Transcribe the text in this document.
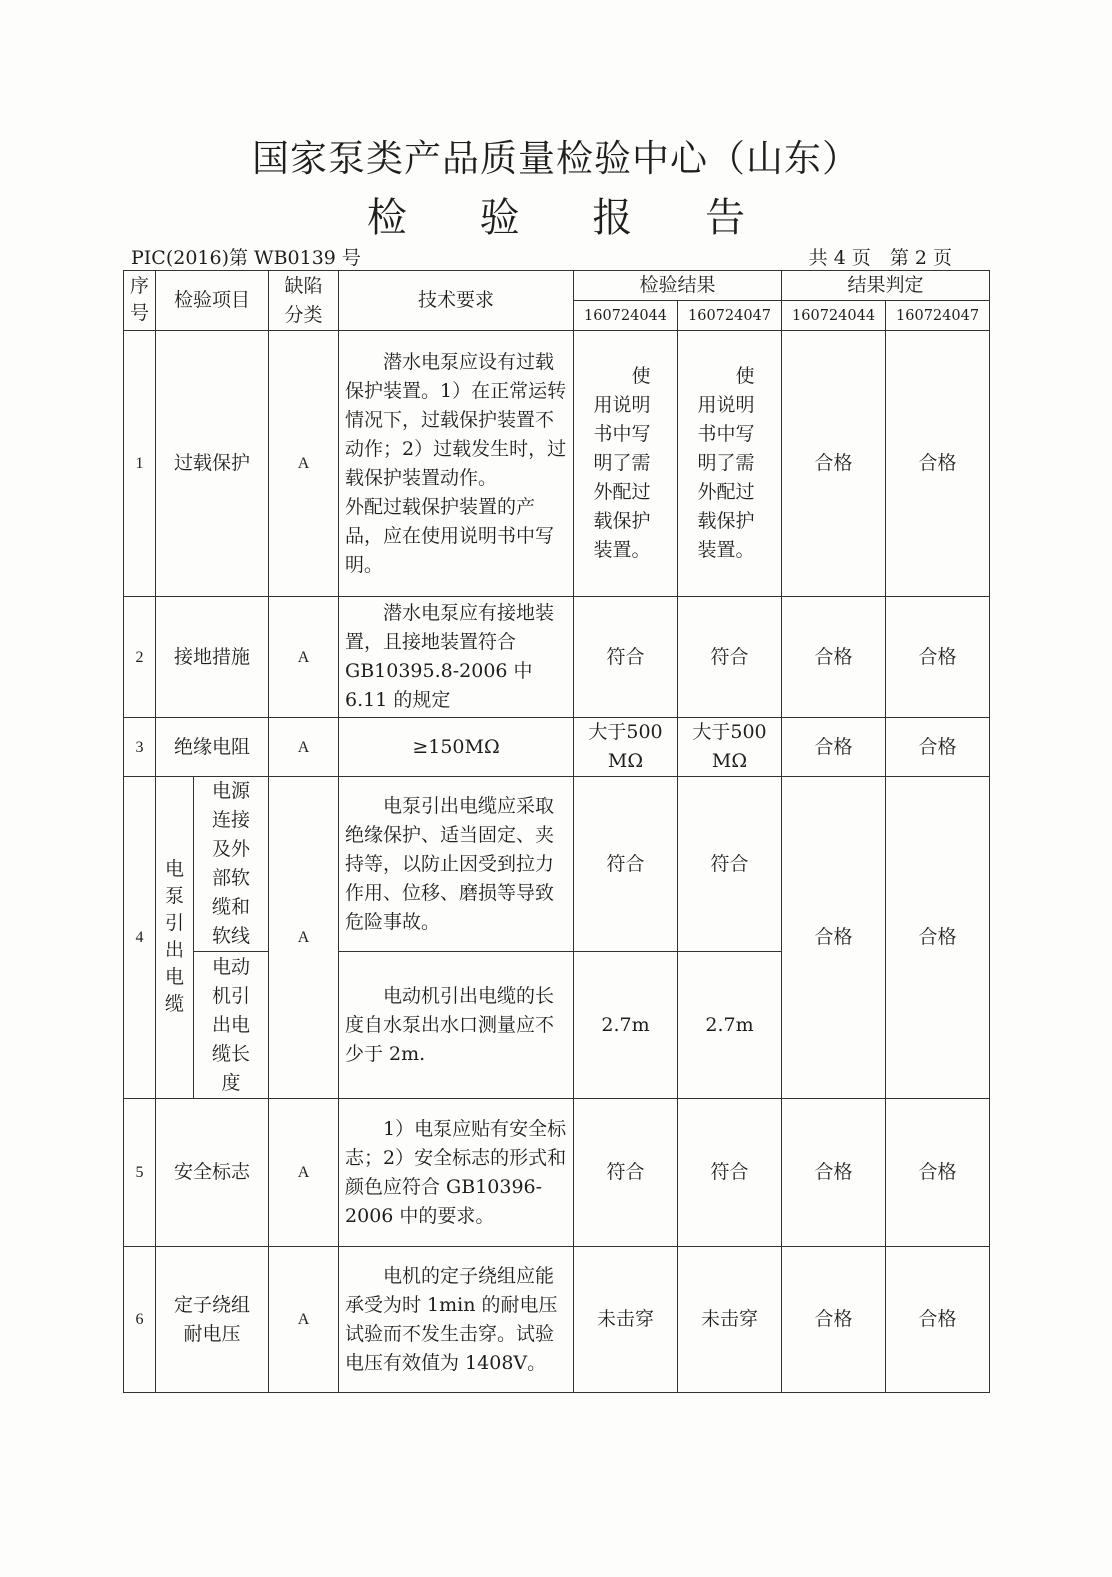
国家泵类产品质量检验中心（山东）
检 验 报 告
PIC(2016)第 WB0139 号	共 4 页　第 2 页
序号	检验项目		缺陷分类	技术要求	检验结果		结果判定	
					160724044	160724047	160724044	160724047
1	过载保护		A	　　潜水电泵应设有过载保护装置。1）在正常运转情况下，过载保护装置不动作；2）过载发生时，过载保护装置动作。
外配过载保护装置的产品，应在使用说明书中写明。	　　使用说明书中写明了需外配过载保护装置。	　　使用说明书中写明了需外配过载保护装置。	合格	合格
2	接地措施		A	　　潜水电泵应有接地装置，且接地装置符合 GB10395.8-2006 中 6.11 的规定	符合	符合	合格	合格
3	绝缘电阻		A	≥150MΩ	大于500MΩ	大于500MΩ	合格	合格
4	电泵引出电缆	电源连接及外部软缆和软线	A	　　电泵引出电缆应采取绝缘保护、适当固定、夹持等，以防止因受到拉力作用、位移、磨损等导致危险事故。	符合	符合	合格	合格
		电动机引出电缆长度		　　电动机引出电缆的长度自水泵出水口测量应不少于 2m.	2.7m	2.7m		
5	安全标志		A	　　1）电泵应贴有安全标志；2）安全标志的形式和颜色应符合 GB10396-2006 中的要求。	符合	符合	合格	合格
6	定子绕组耐电压		A	　　电机的定子绕组应能承受为时 1min 的耐电压试验而不发生击穿。试验电压有效值为 1408V。	未击穿	未击穿	合格	合格
